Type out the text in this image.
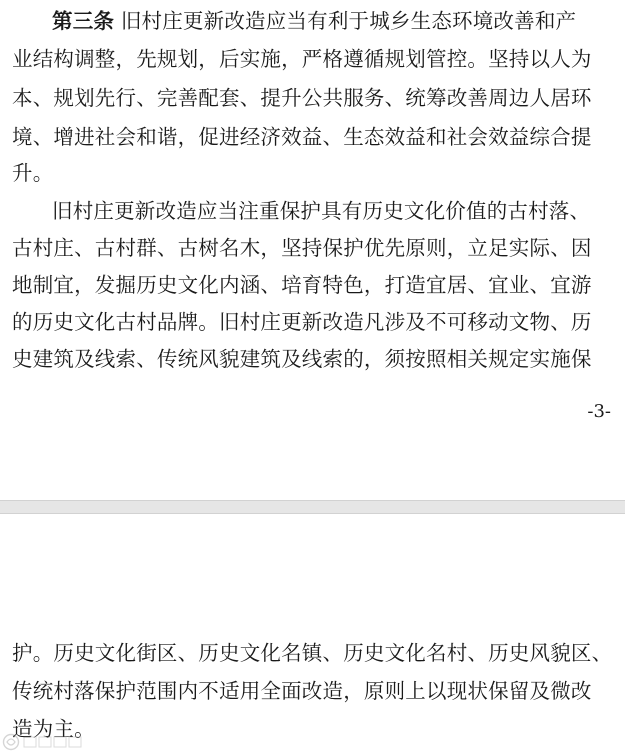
第三条 旧村庄更新改造应当有利于城乡生态环境改善和产
业结构调整，先规划，后实施，严格遵循规划管控。坚持以人为
本、规划先行、完善配套、提升公共服务、统筹改善周边人居环
境、增进社会和谐，促进经济效益、生态效益和社会效益综合提
升。
旧村庄更新改造应当注重保护具有历史文化价值的古村落、
古村庄、古村群、古树名木，坚持保护优先原则，立足实际、因
地制宜，发掘历史文化内涵、培育特色，打造宜居、宜业、宜游
的历史文化古村品牌。旧村庄更新改造凡涉及不可移动文物、历
史建筑及线索、传统风貌建筑及线索的，须按照相关规定实施保
-3-
护。历史文化街区、历史文化名镇、历史文化名村、历史风貌区、
传统村落保护范围内不适用全面改造，原则上以现状保留及微改
造为主。
